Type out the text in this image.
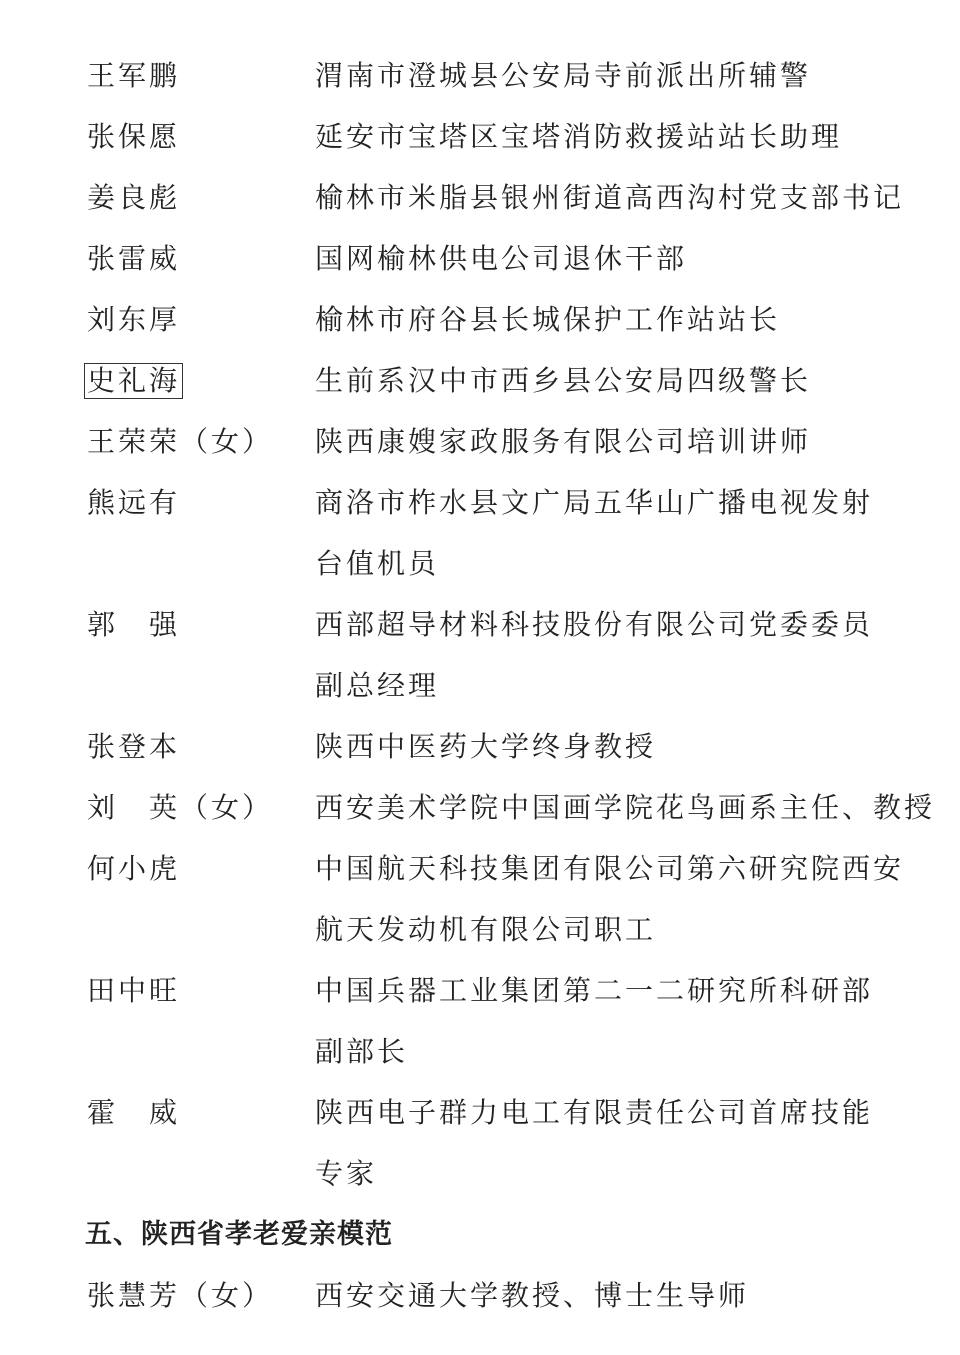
王军鹏	渭南市澄城县公安局寺前派出所辅警
张保愿	延安市宝塔区宝塔消防救援站站长助理
姜良彪	榆林市米脂县银州街道高西沟村党支部书记
张雷威	国网榆林供电公司退休干部
刘东厚	榆林市府谷县长城保护工作站站长
史礼海	生前系汉中市西乡县公安局四级警长
王荣荣（女） 陕西康嫂家政服务有限公司培训讲师
熊远有	商洛市柞水县文广局五华山广播电视发射
台值机员
郭　强	西部超导材料科技股份有限公司党委委员
副总经理
张登本	陕西中医药大学终身教授
刘　英（女） 西安美术学院中国画学院花鸟画系主任、教授
何小虎	中国航天科技集团有限公司第六研究院西安
航天发动机有限公司职工
田中旺	中国兵器工业集团第二一二研究所科研部
副部长
霍　威	陕西电子群力电工有限责任公司首席技能
专家
五、陕西省孝老爱亲模范
张慧芳（女） 西安交通大学教授、博士生导师
